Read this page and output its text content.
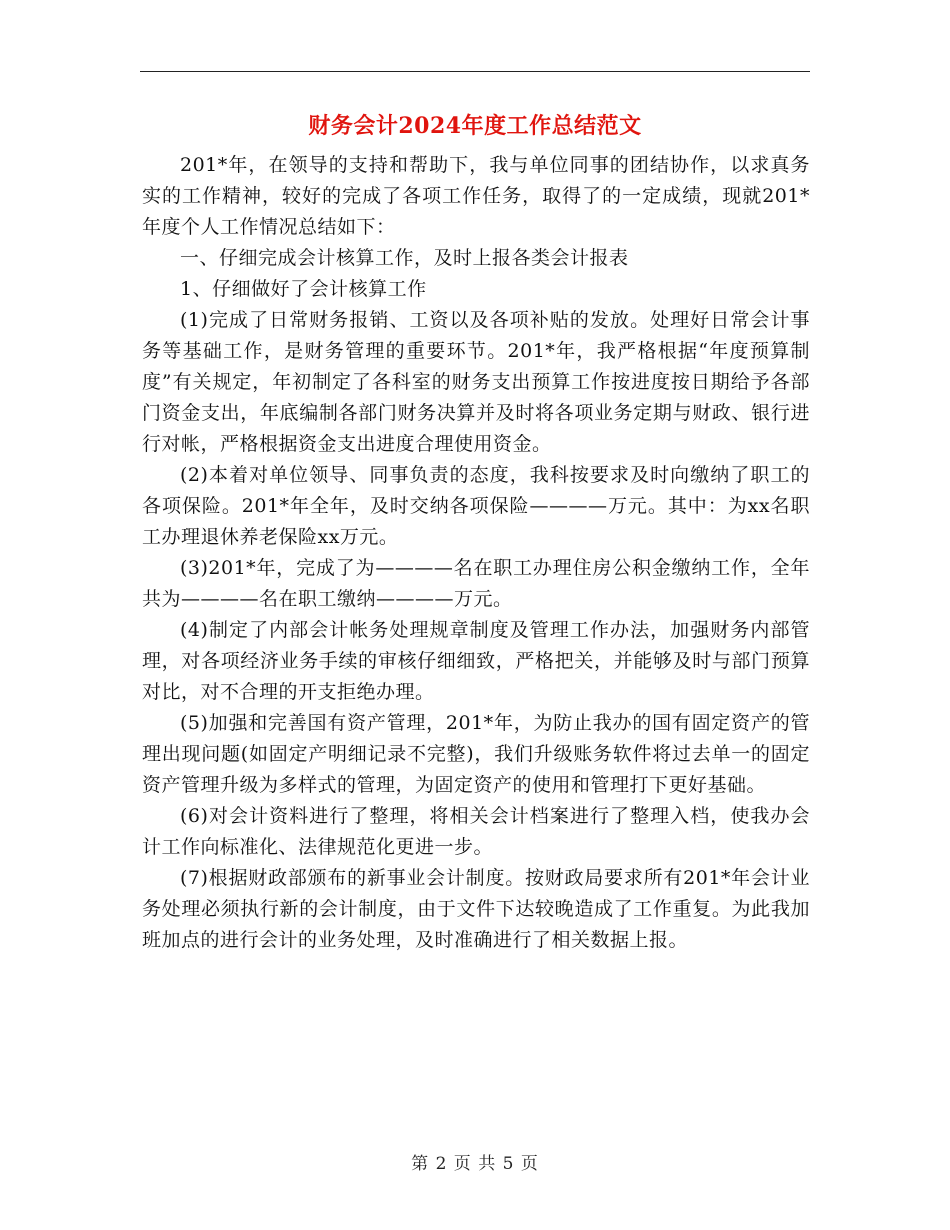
财务会计2024年度工作总结范文

201*年，在领导的支持和帮助下，我与单位同事的团结协作，以求真务实的工作精神，较好的完成了各项工作任务，取得了的一定成绩，现就201*年度个人工作情况总结如下：

一、仔细完成会计核算工作，及时上报各类会计报表

1、仔细做好了会计核算工作

(1)完成了日常财务报销、工资以及各项补贴的发放。处理好日常会计事务等基础工作，是财务管理的重要环节。201*年，我严格根据“年度预算制度”有关规定，年初制定了各科室的财务支出预算工作按进度按日期给予各部门资金支出，年底编制各部门财务决算并及时将各项业务定期与财政、银行进行对帐，严格根据资金支出进度合理使用资金。

(2)本着对单位领导、同事负责的态度，我科按要求及时向缴纳了职工的各项保险。201*年全年，及时交纳各项保险————万元。其中：为xx名职工办理退休养老保险xx万元。

(3)201*年，完成了为————名在职工办理住房公积金缴纳工作，全年共为————名在职工缴纳————万元。

(4)制定了内部会计帐务处理规章制度及管理工作办法，加强财务内部管理，对各项经济业务手续的审核仔细细致，严格把关，并能够及时与部门预算对比，对不合理的开支拒绝办理。

(5)加强和完善国有资产管理，201*年，为防止我办的国有固定资产的管理出现问题(如固定产明细记录不完整)，我们升级账务软件将过去单一的固定资产管理升级为多样式的管理，为固定资产的使用和管理打下更好基础。

(6)对会计资料进行了整理，将相关会计档案进行了整理入档，使我办会计工作向标准化、法律规范化更进一步。

(7)根据财政部颁布的新事业会计制度。按财政局要求所有201*年会计业务处理必须执行新的会计制度，由于文件下达较晚造成了工作重复。为此我加班加点的进行会计的业务处理，及时准确进行了相关数据上报。

第 2 页 共 5 页
